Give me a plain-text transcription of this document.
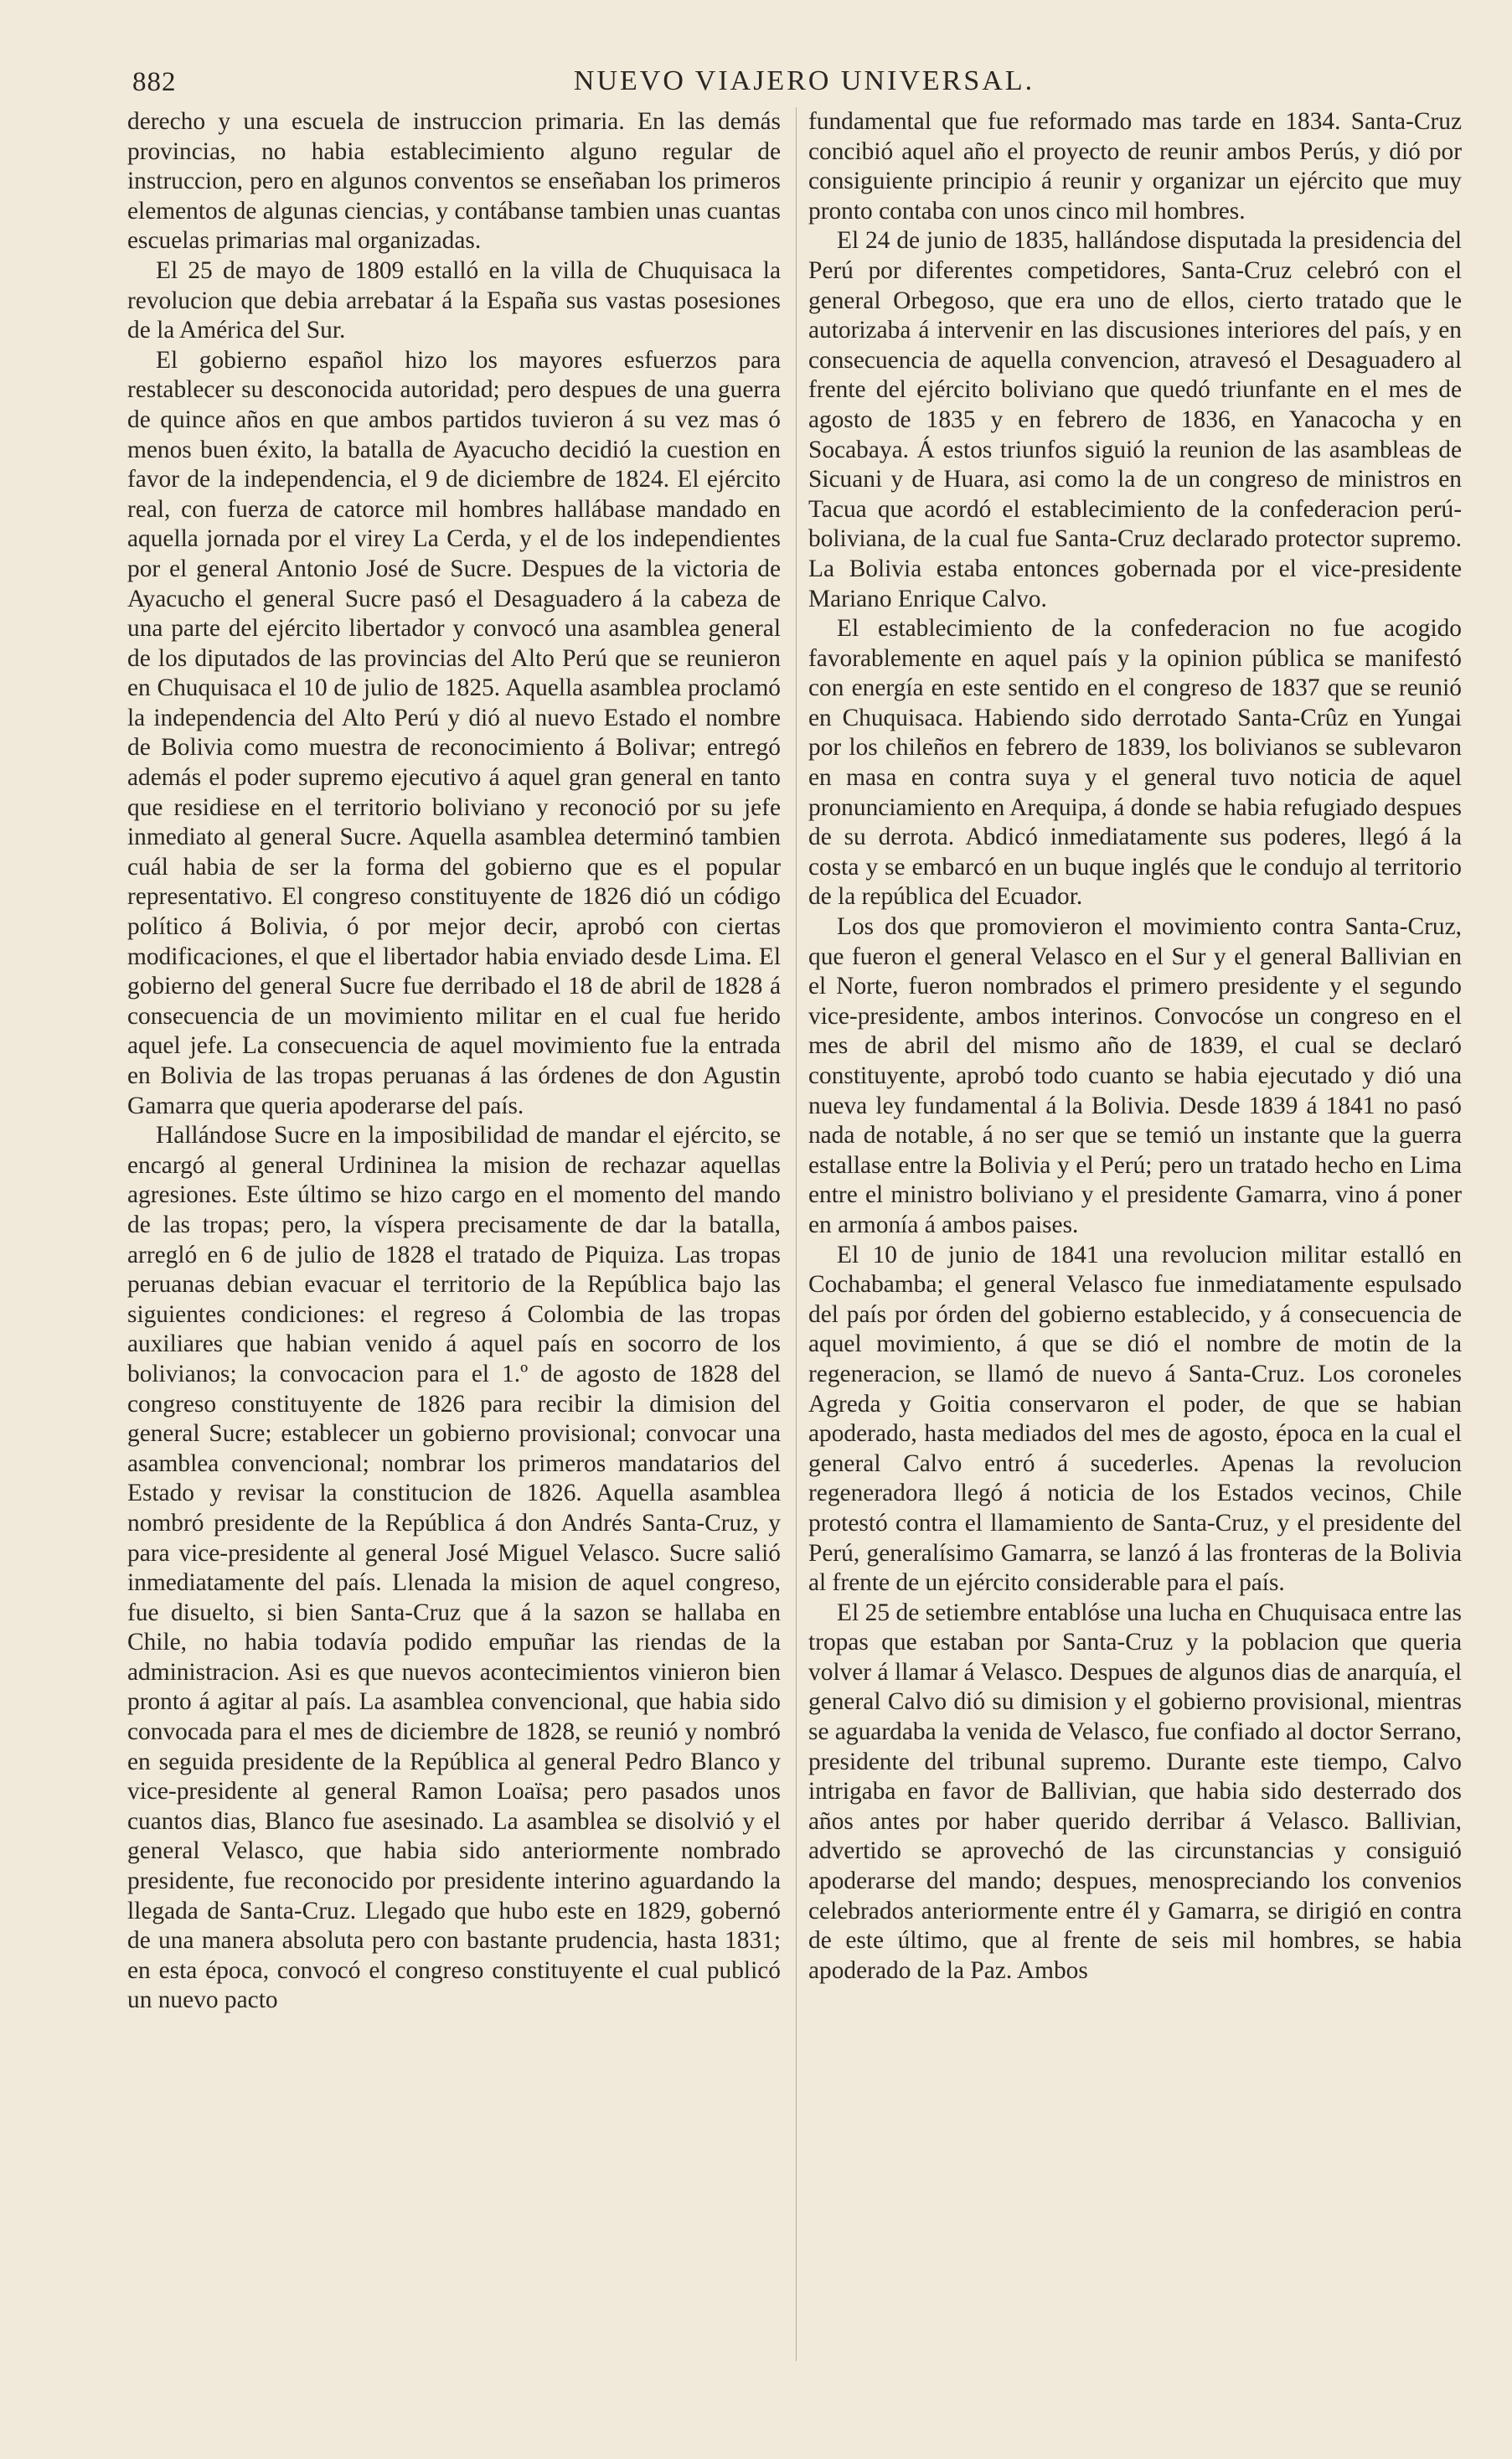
882	NUEVO VIAJERO UNIVERSAL.

derecho y una escuela de instruccion primaria. En las demás provincias, no habia establecimiento alguno regular de instruccion, pero en algunos conventos se enseñaban los primeros elementos de algunas ciencias, y contábanse tambien unas cuantas escuelas primarias mal organizadas.

El 25 de mayo de 1809 estalló en la villa de Chuquisaca la revolucion que debia arrebatar á la España sus vastas posesiones de la América del Sur.

El gobierno español hizo los mayores esfuerzos para restablecer su desconocida autoridad; pero despues de una guerra de quince años en que ambos partidos tuvieron á su vez mas ó menos buen éxito, la batalla de Ayacucho decidió la cuestion en favor de la independencia, el 9 de diciembre de 1824. El ejército real, con fuerza de catorce mil hombres hallábase mandado en aquella jornada por el virey La Cerda, y el de los independientes por el general Antonio José de Sucre. Despues de la victoria de Ayacucho el general Sucre pasó el Desaguadero á la cabeza de una parte del ejército libertador y convocó una asamblea general de los diputados de las provincias del Alto Perú que se reunieron en Chuquisaca el 10 de julio de 1825. Aquella asamblea proclamó la independencia del Alto Perú y dió al nuevo Estado el nombre de Bolivia como muestra de reconocimiento á Bolivar; entregó además el poder supremo ejecutivo á aquel gran general en tanto que residiese en el territorio boliviano y reconoció por su jefe inmediato al general Sucre. Aquella asamblea determinó tambien cuál habia de ser la forma del gobierno que es el popular representativo. El congreso constituyente de 1826 dió un código político á Bolivia, ó por mejor decir, aprobó con ciertas modificaciones, el que el libertador habia enviado desde Lima. El gobierno del general Sucre fue derribado el 18 de abril de 1828 á consecuencia de un movimiento militar en el cual fue herido aquel jefe. La consecuencia de aquel movimiento fue la entrada en Bolivia de las tropas peruanas á las órdenes de don Agustin Gamarra que queria apoderarse del país.

Hallándose Sucre en la imposibilidad de mandar el ejército, se encargó al general Urdininea la mision de rechazar aquellas agresiones. Este último se hizo cargo en el momento del mando de las tropas; pero, la víspera precisamente de dar la batalla, arregló en 6 de julio de 1828 el tratado de Piquiza. Las tropas peruanas debian evacuar el territorio de la República bajo las siguientes condiciones: el regreso á Colombia de las tropas auxiliares que habian venido á aquel país en socorro de los bolivianos; la convocacion para el 1.º de agosto de 1828 del congreso constituyente de 1826 para recibir la dimision del general Sucre; establecer un gobierno provisional; convocar una asamblea convencional; nombrar los primeros mandatarios del Estado y revisar la constitucion de 1826. Aquella asamblea nombró presidente de la República á don Andrés Santa-Cruz, y para vice-presidente al general José Miguel Velasco. Sucre salió inmediatamente del país. Llenada la mision de aquel congreso, fue disuelto, si bien Santa-Cruz que á la sazon se hallaba en Chile, no habia todavía podido empuñar las riendas de la administracion. Asi es que nuevos acontecimientos vinieron bien pronto á agitar al país. La asamblea convencional, que habia sido convocada para el mes de diciembre de 1828, se reunió y nombró en seguida presidente de la República al general Pedro Blanco y vice-presidente al general Ramon Loaïsa; pero pasados unos cuantos dias, Blanco fue asesinado. La asamblea se disolvió y el general Velasco, que habia sido anteriormente nombrado presidente, fue reconocido por presidente interino aguardando la llegada de Santa-Cruz. Llegado que hubo este en 1829, gobernó de una manera absoluta pero con bastante prudencia, hasta 1831; en esta época, convocó el congreso constituyente el cual publicó un nuevo pacto

fundamental que fue reformado mas tarde en 1834. Santa-Cruz concibió aquel año el proyecto de reunir ambos Perús, y dió por consiguiente principio á reunir y organizar un ejército que muy pronto contaba con unos cinco mil hombres.

El 24 de junio de 1835, hallándose disputada la presidencia del Perú por diferentes competidores, Santa-Cruz celebró con el general Orbegoso, que era uno de ellos, cierto tratado que le autorizaba á intervenir en las discusiones interiores del país, y en consecuencia de aquella convencion, atravesó el Desaguadero al frente del ejército boliviano que quedó triunfante en el mes de agosto de 1835 y en febrero de 1836, en Yanacocha y en Socabaya. Á estos triunfos siguió la reunion de las asambleas de Sicuani y de Huara, asi como la de un congreso de ministros en Tacua que acordó el establecimiento de la confederacion perú-boliviana, de la cual fue Santa-Cruz declarado protector supremo. La Bolivia estaba entonces gobernada por el vice-presidente Mariano Enrique Calvo.

El establecimiento de la confederacion no fue acogido favorablemente en aquel país y la opinion pública se manifestó con energía en este sentido en el congreso de 1837 que se reunió en Chuquisaca. Habiendo sido derrotado Santa-Crûz en Yungai por los chileños en febrero de 1839, los bolivianos se sublevaron en masa en contra suya y el general tuvo noticia de aquel pronunciamiento en Arequipa, á donde se habia refugiado despues de su derrota. Abdicó inmediatamente sus poderes, llegó á la costa y se embarcó en un buque inglés que le condujo al territorio de la república del Ecuador.

Los dos que promovieron el movimiento contra Santa-Cruz, que fueron el general Velasco en el Sur y el general Ballivian en el Norte, fueron nombrados el primero presidente y el segundo vice-presidente, ambos interinos. Convocóse un congreso en el mes de abril del mismo año de 1839, el cual se declaró constituyente, aprobó todo cuanto se habia ejecutado y dió una nueva ley fundamental á la Bolivia. Desde 1839 á 1841 no pasó nada de notable, á no ser que se temió un instante que la guerra estallase entre la Bolivia y el Perú; pero un tratado hecho en Lima entre el ministro boliviano y el presidente Gamarra, vino á poner en armonía á ambos paises.

El 10 de junio de 1841 una revolucion militar estalló en Cochabamba; el general Velasco fue inmediatamente espulsado del país por órden del gobierno establecido, y á consecuencia de aquel movimiento, á que se dió el nombre de motin de la regeneracion, se llamó de nuevo á Santa-Cruz. Los coroneles Agreda y Goitia conservaron el poder, de que se habian apoderado, hasta mediados del mes de agosto, época en la cual el general Calvo entró á sucederles. Apenas la revolucion regeneradora llegó á noticia de los Estados vecinos, Chile protestó contra el llamamiento de Santa-Cruz, y el presidente del Perú, generalísimo Gamarra, se lanzó á las fronteras de la Bolivia al frente de un ejército considerable para el país.

El 25 de setiembre entablóse una lucha en Chuquisaca entre las tropas que estaban por Santa-Cruz y la poblacion que queria volver á llamar á Velasco. Despues de algunos dias de anarquía, el general Calvo dió su dimision y el gobierno provisional, mientras se aguardaba la venida de Velasco, fue confiado al doctor Serrano, presidente del tribunal supremo. Durante este tiempo, Calvo intrigaba en favor de Ballivian, que habia sido desterrado dos años antes por haber querido derribar á Velasco. Ballivian, advertido se aprovechó de las circunstancias y consiguió apoderarse del mando; despues, menospreciando los convenios celebrados anteriormente entre él y Gamarra, se dirigió en contra de este último, que al frente de seis mil hombres, se habia apoderado de la Paz. Ambos
